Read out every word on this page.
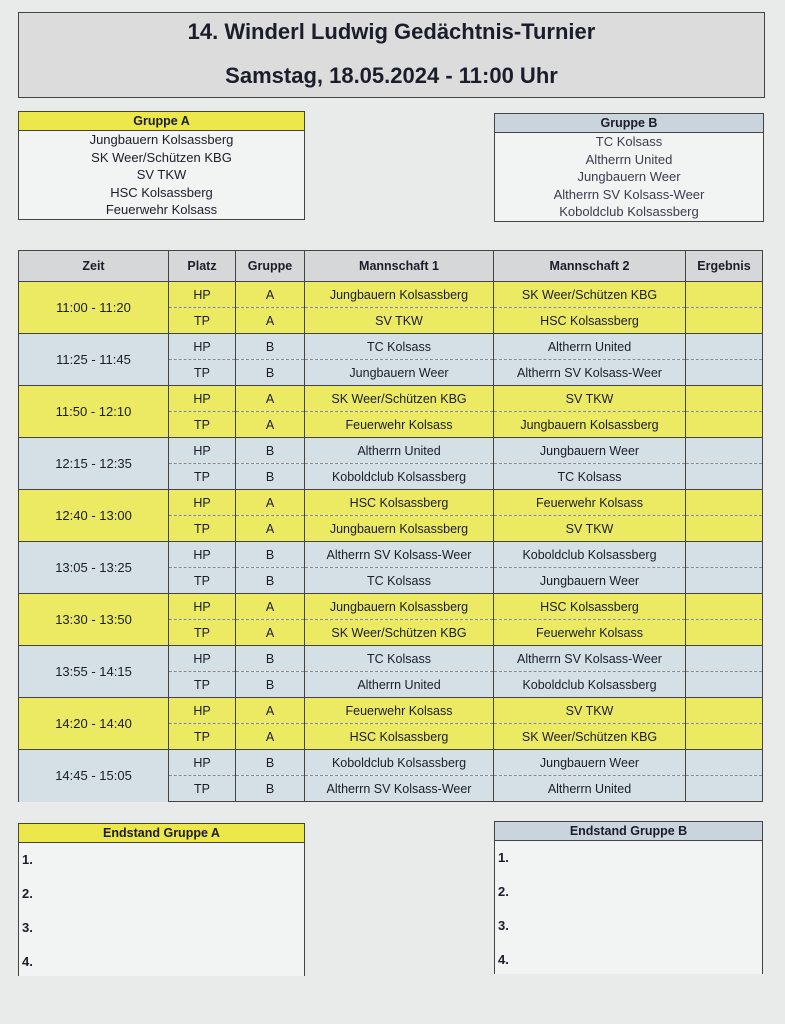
14. Winderl Ludwig Gedächtnis-Turnier
Samstag, 18.05.2024 - 11:00 Uhr
Gruppe A
Jungbauern Kolsassberg
SK Weer/Schützen KBG
SV TKW
HSC Kolsassberg
Feuerwehr Kolsass
Gruppe B
TC Kolsass
Altherrn United
Jungbauern Weer
Altherrn SV Kolsass-Weer
Koboldclub Kolsassberg
Zeit	Platz	Gruppe	Mannschaft 1	Mannschaft 2	Ergebnis
11:00 - 11:20	HP	A	Jungbauern Kolsassberg	SK Weer/Schützen KBG	
	TP	A	SV TKW	HSC Kolsassberg	
11:25 - 11:45	HP	B	TC Kolsass	Altherrn United	
	TP	B	Jungbauern Weer	Altherrn SV Kolsass-Weer	
11:50 - 12:10	HP	A	SK Weer/Schützen KBG	SV TKW	
	TP	A	Feuerwehr Kolsass	Jungbauern Kolsassberg	
12:15 - 12:35	HP	B	Altherrn United	Jungbauern Weer	
	TP	B	Koboldclub Kolsassberg	TC Kolsass	
12:40 - 13:00	HP	A	HSC Kolsassberg	Feuerwehr Kolsass	
	TP	A	Jungbauern Kolsassberg	SV TKW	
13:05 - 13:25	HP	B	Altherrn SV Kolsass-Weer	Koboldclub Kolsassberg	
	TP	B	TC Kolsass	Jungbauern Weer	
13:30 - 13:50	HP	A	Jungbauern Kolsassberg	HSC Kolsassberg	
	TP	A	SK Weer/Schützen KBG	Feuerwehr Kolsass	
13:55 - 14:15	HP	B	TC Kolsass	Altherrn SV Kolsass-Weer	
	TP	B	Altherrn United	Koboldclub Kolsassberg	
14:20 - 14:40	HP	A	Feuerwehr Kolsass	SV TKW	
	TP	A	HSC Kolsassberg	SK Weer/Schützen KBG	
14:45 - 15:05	HP	B	Koboldclub Kolsassberg	Jungbauern Weer	
	TP	B	Altherrn SV Kolsass-Weer	Altherrn United	
Endstand Gruppe A
1.
2.
3.
4.
Endstand Gruppe B
1.
2.
3.
4.
